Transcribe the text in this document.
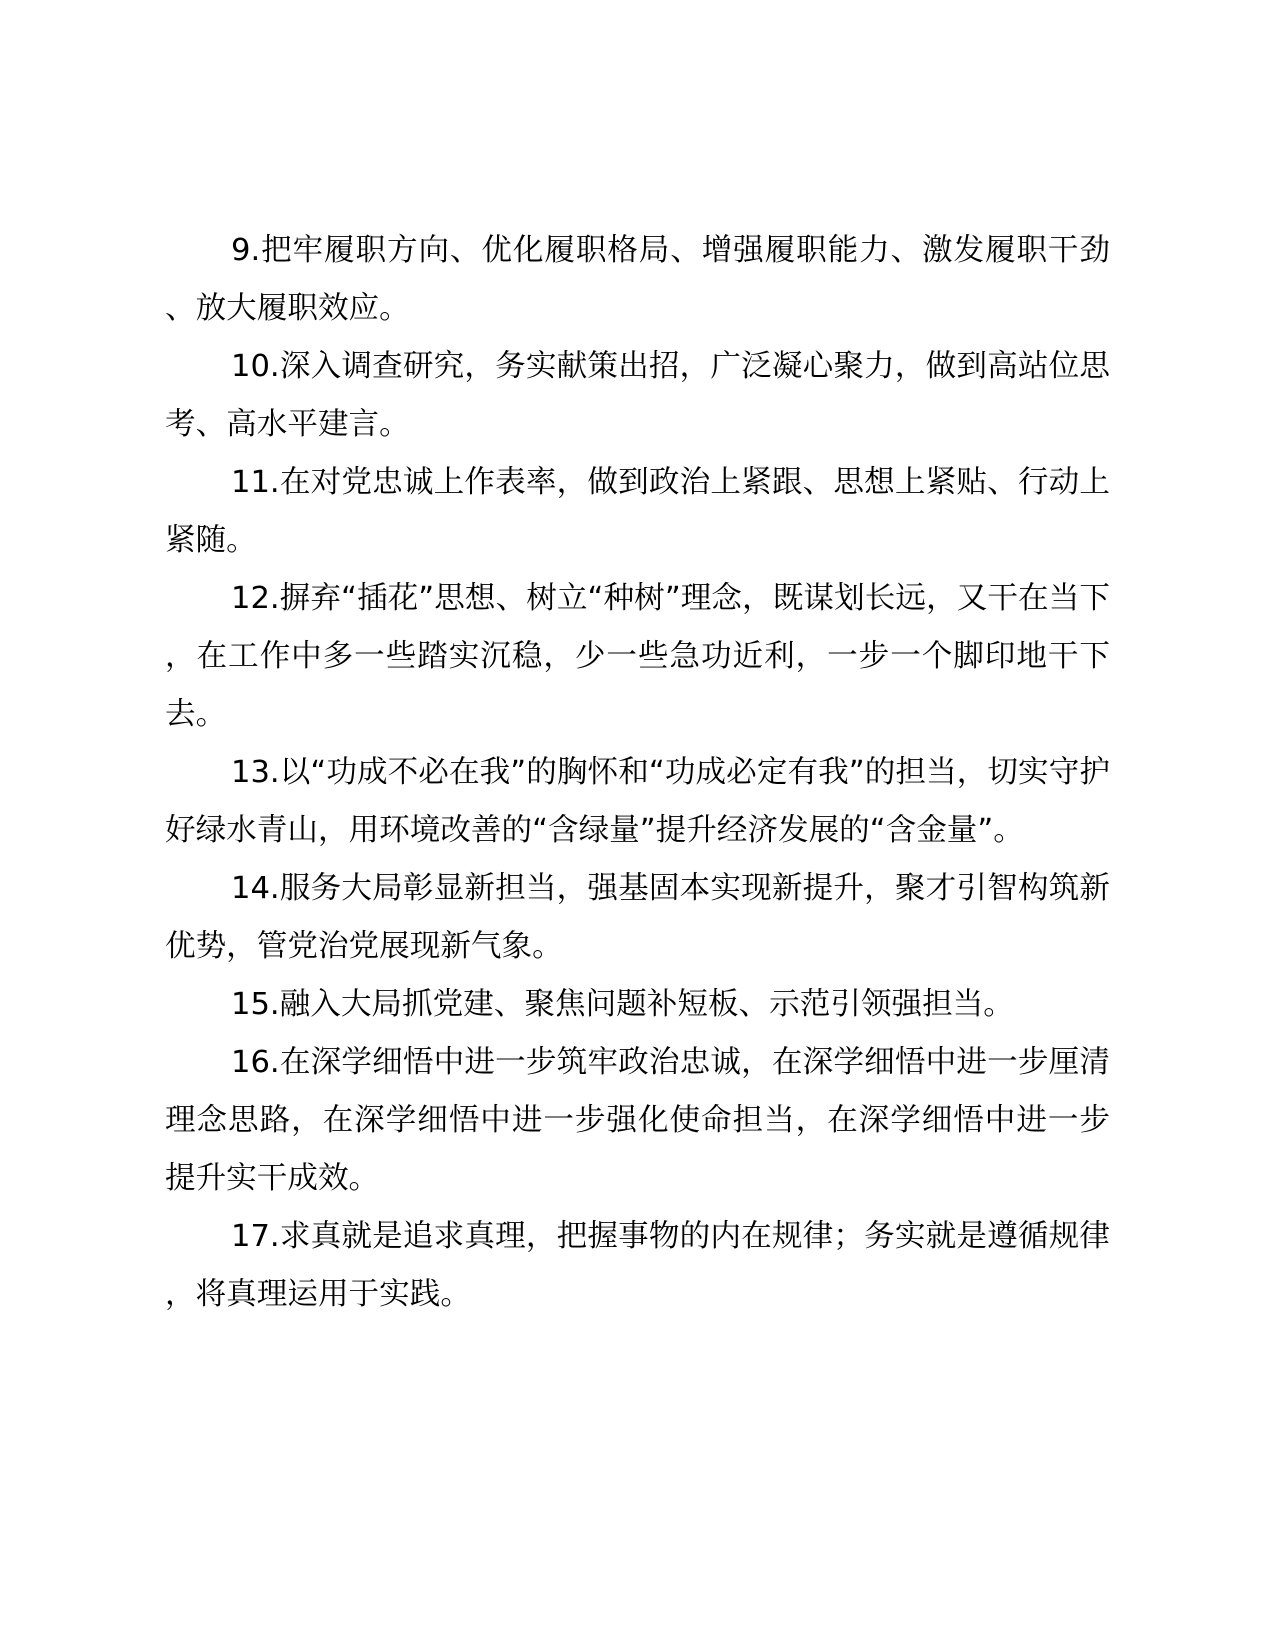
9.把牢履职方向、优化履职格局、增强履职能力、激发履职干劲、放大履职效应。

10.深入调查研究，务实献策出招，广泛凝心聚力，做到高站位思考、高水平建言。

11.在对党忠诚上作表率，做到政治上紧跟、思想上紧贴、行动上紧随。

12.摒弃“插花”思想、树立“种树”理念，既谋划长远，又干在当下，在工作中多一些踏实沉稳，少一些急功近利，一步一个脚印地干下去。

13.以“功成不必在我”的胸怀和“功成必定有我”的担当，切实守护好绿水青山，用环境改善的“含绿量”提升经济发展的“含金量”。

14.服务大局彰显新担当，强基固本实现新提升，聚才引智构筑新优势，管党治党展现新气象。

15.融入大局抓党建、聚焦问题补短板、示范引领强担当。

16.在深学细悟中进一步筑牢政治忠诚，在深学细悟中进一步厘清理念思路，在深学细悟中进一步强化使命担当，在深学细悟中进一步提升实干成效。

17.求真就是追求真理，把握事物的内在规律；务实就是遵循规律，将真理运用于实践。
